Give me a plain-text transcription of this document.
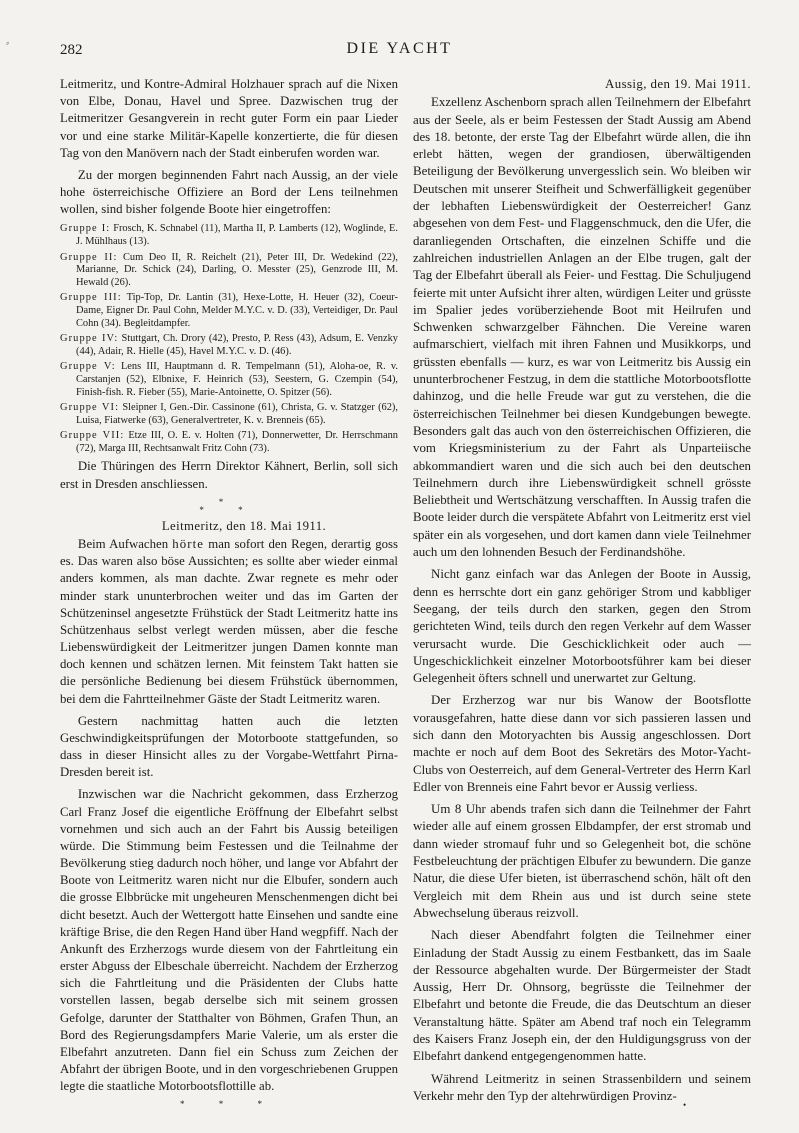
⸗	282	DIE YACHT

Leitmeritz, und Kontre-Admiral Holzhauer sprach auf die Nixen von Elbe, Donau, Havel und Spree. Dazwischen trug der Leitmeritzer Gesangverein in recht guter Form ein paar Lieder vor und eine starke Militär-Kapelle konzertierte, die für diesen Tag von den Manövern nach der Stadt einberufen worden war.

Zu der morgen beginnenden Fahrt nach Aussig, an der viele hohe österreichische Offiziere an Bord der Lens teilnehmen wollen, sind bisher folgende Boote hier eingetroffen:

Gruppe I: Frosch, K. Schnabel (11), Martha II, P. Lamberts (12), Woglinde, E. J. Mühlhaus (13).
Gruppe II: Cum Deo II, R. Reichelt (21), Peter III, Dr. Wedekind (22), Marianne, Dr. Schick (24), Darling, O. Messter (25), Genzrode III, M. Hewald (26).
Gruppe III: Tip-Top, Dr. Lantin (31), Hexe-Lotte, H. Heuer (32), Coeur-Dame, Eigner Dr. Paul Cohn, Melder M.Y.C. v. D. (33), Verteidiger, Dr. Paul Cohn (34). Begleitdampfer.
Gruppe IV: Stuttgart, Ch. Drory (42), Presto, P. Ress (43), Adsum, E. Venzky (44), Adair, R. Hielle (45), Havel M.Y.C. v. D. (46).
Gruppe V: Lens III, Hauptmann d. R. Tempelmann (51), Aloha-oe, R. v. Carstanjen (52), Elbnixe, F. Heinrich (53), Seestern, G. Czempin (54), Finish-fish. R. Fieber (55), Marie-Antoinette, O. Spitzer (56).
Gruppe VI: Sleipner I, Gen.-Dir. Cassinone (61), Christa, G. v. Statzger (62), Luisa, Fiatwerke (63), Generalvertreter, K. v. Brenneis (65).
Gruppe VII: Etze III, O. E. v. Holten (71), Donnerwetter, Dr. Herrschmann (72), Marga III, Rechtsanwalt Fritz Cohn (73).

Die Thüringen des Herrn Direktor Kähnert, Berlin, soll sich erst in Dresden anschliessen.

*
* *
Leitmeritz, den 18. Mai 1911.

Beim Aufwachen hörte man sofort den Regen, derartig goss es. Das waren also böse Aussichten; es sollte aber wieder einmal anders kommen, als man dachte. Zwar regnete es mehr oder minder stark ununterbrochen weiter und das im Garten der Schützeninsel angesetzte Frühstück der Stadt Leitmeritz hatte ins Schützenhaus selbst verlegt werden müssen, aber die fesche Liebenswürdigkeit der Leitmeritzer jungen Damen konnte man doch kennen und schätzen lernen. Mit feinstem Takt hatten sie die persönliche Bedienung bei diesem Frühstück übernommen, bei dem die Fahrtteilnehmer Gäste der Stadt Leitmeritz waren.

Gestern nachmittag hatten auch die letzten Geschwindigkeitsprüfungen der Motorboote stattgefunden, so dass in dieser Hinsicht alles zu der Vorgabe-Wettfahrt Pirna-Dresden bereit ist.

Inzwischen war die Nachricht gekommen, dass Erzherzog Carl Franz Josef die eigentliche Eröffnung der Elbefahrt selbst vornehmen und sich auch an der Fahrt bis Aussig beteiligen würde. Die Stimmung beim Festessen und die Teilnahme der Bevölkerung stieg dadurch noch höher, und lange vor Abfahrt der Boote von Leitmeritz waren nicht nur die Elbufer, sondern auch die grosse Elbbrücke mit ungeheuren Menschenmengen dicht bei dicht besetzt. Auch der Wettergott hatte Einsehen und sandte eine kräftige Brise, die den Regen Hand über Hand wegpfiff. Nach der Ankunft des Erzherzogs wurde diesem von der Fahrtleitung ein erster Abguss der Elbeschale überreicht. Nachdem der Erzherzog sich die Fahrtleitung und die Präsidenten der Clubs hatte vorstellen lassen, begab derselbe sich mit seinem grossen Gefolge, darunter der Statthalter von Böhmen, Grafen Thun, an Bord des Regierungsdampfers Marie Valerie, um als erster die Elbefahrt anzutreten. Dann fiel ein Schuss zum Zeichen der Abfahrt der übrigen Boote, und in den vorgeschriebenen Gruppen legte die staatliche Motorbootsflottille ab.

* * *
Aussig, den 19. Mai 1911.

Exzellenz Aschenborn sprach allen Teilnehmern der Elbefahrt aus der Seele, als er beim Festessen der Stadt Aussig am Abend des 18. betonte, der erste Tag der Elbefahrt würde allen, die ihn erlebt hätten, wegen der grandiosen, überwältigenden Beteiligung der Bevölkerung unvergesslich sein. Wo bleiben wir Deutschen mit unserer Steifheit und Schwerfälligkeit gegenüber der lebhaften Liebenswürdigkeit der Oesterreicher! Ganz abgesehen von dem Fest- und Flaggenschmuck, den die Ufer, die daranliegenden Ortschaften, die einzelnen Schiffe und die zahlreichen industriellen Anlagen an der Elbe trugen, galt der Tag der Elbefahrt überall als Feier- und Festtag. Die Schuljugend feierte mit unter Aufsicht ihrer alten, würdigen Leiter und grüsste im Spalier jedes vorüberziehende Boot mit Heilrufen und Schwenken schwarzgelber Fähnchen. Die Vereine waren aufmarschiert, vielfach mit ihren Fahnen und Musikkorps, und grüssten ebenfalls — kurz, es war von Leitmeritz bis Aussig ein ununterbrochener Festzug, in dem die stattliche Motorbootsflotte dahinzog, und die helle Freude war gut zu verstehen, die die österreichischen Teilnehmer bei diesen Kundgebungen bewegte. Besonders galt das auch von den österreichischen Offizieren, die vom Kriegsministerium zu der Fahrt als Unparteiische abkommandiert waren und die sich auch bei den deutschen Teilnehmern durch ihre Liebenswürdigkeit schnell grösste Beliebtheit und Wertschätzung verschafften. In Aussig trafen die Boote leider durch die verspätete Abfahrt von Leitmeritz erst viel später ein als vorgesehen, und dort kamen dann viele Teilnehmer auch um den lohnenden Besuch der Ferdinandshöhe.

Nicht ganz einfach war das Anlegen der Boote in Aussig, denn es herrschte dort ein ganz gehöriger Strom und kabbliger Seegang, der teils durch den starken, gegen den Strom gerichteten Wind, teils durch den regen Verkehr auf dem Wasser verursacht wurde. Die Geschicklichkeit oder auch — Ungeschicklichkeit einzelner Motorbootsführer kam bei dieser Gelegenheit öfters schnell und unerwartet zur Geltung.

Der Erzherzog war nur bis Wanow der Bootsflotte vorausgefahren, hatte diese dann vor sich passieren lassen und sich dann den Motoryachten bis Aussig angeschlossen. Dort machte er noch auf dem Boot des Sekretärs des Motor-Yacht-Clubs von Oesterreich, auf dem General-Vertreter des Herrn Karl Edler von Brenneis eine Fahrt bevor er Aussig verliess.

Um 8 Uhr abends trafen sich dann die Teilnehmer der Fahrt wieder alle auf einem grossen Elbdampfer, der erst stromab und dann wieder stromauf fuhr und so Gelegenheit bot, die schöne Festbeleuchtung der prächtigen Elbufer zu bewundern. Die ganze Natur, die diese Ufer bieten, ist überraschend schön, hält oft den Vergleich mit dem Rhein aus und ist durch seine stete Abwechselung überaus reizvoll.

Nach dieser Abendfahrt folgten die Teilnehmer einer Einladung der Stadt Aussig zu einem Festbankett, das im Saale der Ressource abgehalten wurde. Der Bürgermeister der Stadt Aussig, Herr Dr. Ohnsorg, begrüsste die Teilnehmer der Elbefahrt und betonte die Freude, die das Deutschtum an dieser Veranstaltung hätte. Später am Abend traf noch ein Telegramm des Kaisers Franz Joseph ein, der den Huldigungsgruss von der Elbefahrt dankend entgegengenommen hatte.

Während Leitmeritz in seinen Strassenbildern und seinem Verkehr mehr den Typ der altehrwürdigen Provinz-

•
